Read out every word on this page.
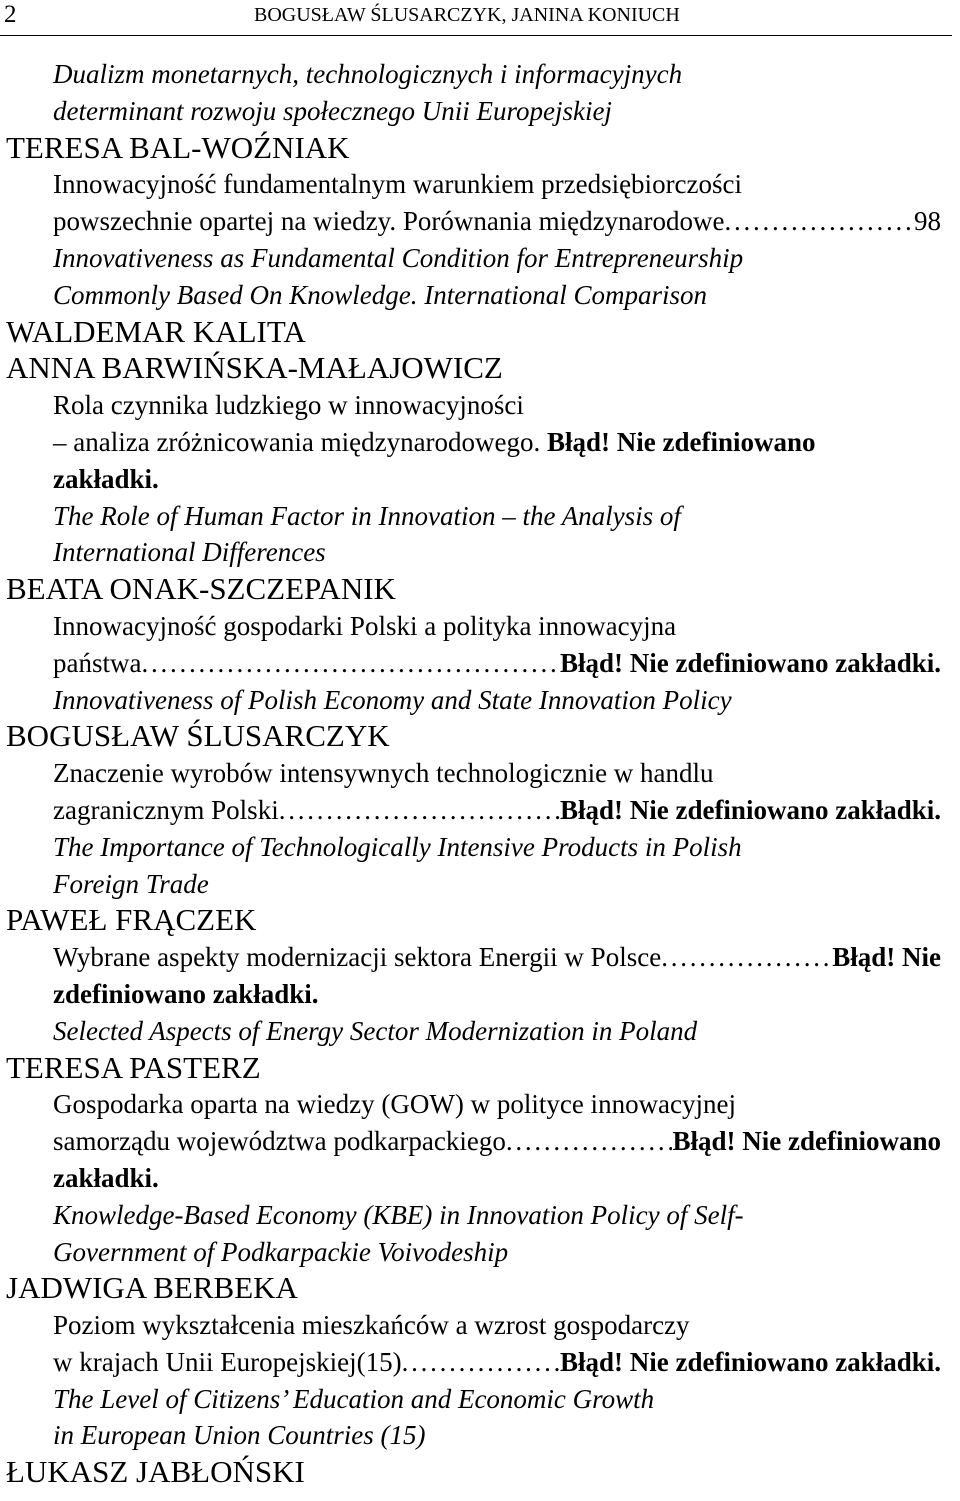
2	BOGUSŁAW ŚLUSARCZYK, JANINA KONIUCH
Dualizm monetarnych, technologicznych i informacyjnych
determinant rozwoju społecznego Unii Europejskiej
TERESA BAL-WOŹNIAK
Innowacyjność fundamentalnym warunkiem przedsiębiorczości
powszechnie opartej na wiedzy. Porównania międzynarodowe . . .	98
Innovativeness as Fundamental Condition for Entrepreneurship
Commonly Based On Knowledge. International Comparison
WALDEMAR KALITA
ANNA BARWIŃSKA-MAŁAJOWICZ
Rola czynnika ludzkiego w innowacyjności
– analiza zróżnicowania międzynarodowego. Błąd! Nie zdefiniowano
zakładki.
The Role of Human Factor in Innovation – the Analysis of
International Differences
BEATA ONAK-SZCZEPANIK
Innowacyjność gospodarki Polski a polityka innowacyjna
państwa . . .	Błąd! Nie zdefiniowano zakładki.
Innovativeness of Polish Economy and State Innovation Policy
BOGUSŁAW ŚLUSARCZYK
Znaczenie wyrobów intensywnych technologicznie w handlu
zagranicznym Polski . . .	Błąd! Nie zdefiniowano zakładki.
The Importance of Technologically Intensive Products in Polish
Foreign Trade
PAWEŁ FRĄCZEK
Wybrane aspekty modernizacji sektora Energii w Polsce . . .	Błąd! Nie
zdefiniowano zakładki.
Selected Aspects of Energy Sector Modernization in Poland
TERESA PASTERZ
Gospodarka oparta na wiedzy (GOW) w polityce innowacyjnej
samorządu województwa podkarpackiego . . .	Błąd! Nie zdefiniowano
zakładki.
Knowledge-Based Economy (KBE) in Innovation Policy of Self-
Government of Podkarpackie Voivodeship
JADWIGA BERBEKA
Poziom wykształcenia mieszkańców a wzrost gospodarczy
w krajach Unii Europejskiej(15) . . .	Błąd! Nie zdefiniowano zakładki.
The Level of Citizens’ Education and Economic Growth
in European Union Countries (15)
ŁUKASZ JABŁOŃSKI
